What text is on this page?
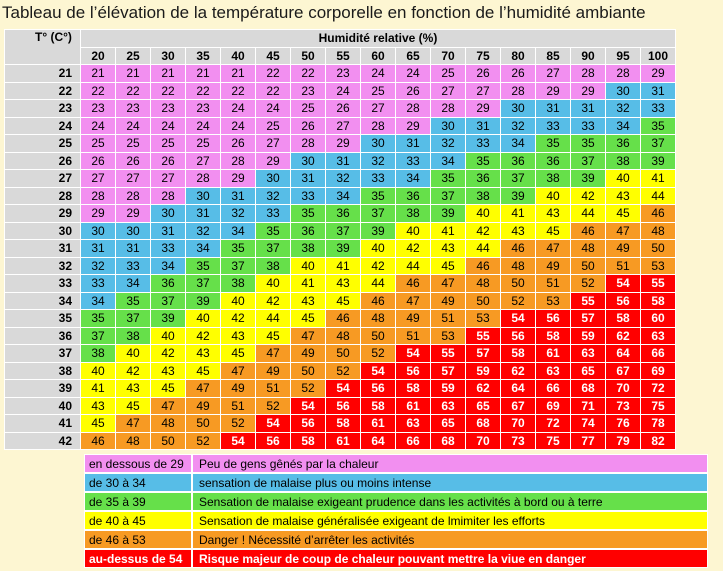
Tableau de l’élévation de la température corporelle en fonction de l’humidité ambiante
T° (C°)	Humidité relative (%)																
	20	25	30	35	40	45	50	55	60	65	70	75	80	85	90	95	100
21	21	21	21	21	21	22	22	23	24	24	25	26	26	27	28	28	29
22	22	22	22	22	22	22	23	24	25	26	27	27	28	29	29	30	31
23	23	23	23	23	24	24	25	26	27	28	28	29	30	31	31	32	33
24	24	24	24	24	24	25	26	27	28	29	30	31	32	33	33	34	35
25	25	25	25	25	26	27	28	29	30	31	32	33	34	35	35	36	37
26	26	26	26	27	28	29	30	31	32	33	34	35	36	36	37	38	39
27	27	27	27	28	29	30	31	32	33	34	35	36	37	38	39	40	41
28	28	28	28	30	31	32	33	34	35	36	37	38	39	40	42	43	44
29	29	29	30	31	32	33	35	36	37	38	39	40	41	43	44	45	46
30	30	30	31	32	34	35	36	37	39	40	41	42	43	45	46	47	48
31	31	31	33	34	35	37	38	39	40	42	43	44	46	47	48	49	50
32	32	33	34	35	37	38	40	41	42	44	45	46	48	49	50	51	53
33	33	34	36	37	38	40	41	43	44	46	47	48	50	51	52	54	55
34	34	35	37	39	40	42	43	45	46	47	49	50	52	53	55	56	58
35	35	37	39	40	42	44	45	46	48	49	51	53	54	56	57	58	60
36	37	38	40	42	43	45	47	48	50	51	53	55	56	58	59	62	63
37	38	40	42	43	45	47	49	50	52	54	55	57	58	61	63	64	66
38	40	42	43	45	47	49	50	52	54	56	57	59	62	63	65	67	69
39	41	43	45	47	49	51	52	54	56	58	59	62	64	66	68	70	72
40	43	45	47	49	51	52	54	56	58	61	63	65	67	69	71	73	75
41	45	47	48	50	52	54	56	58	61	63	65	68	70	72	74	76	78
42	46	48	50	52	54	56	58	61	64	66	68	70	73	75	77	79	82
en dessous de 29	Peu de gens gênés par la chaleur
de 30 à 34	sensation de malaise plus ou moins intense
de 35 à 39	Sensation de malaise exigeant prudence dans les activités à bord ou à terre
de 40 à 45	Sensation de malaise généralisée exigeant de lmimiter les efforts
de 46 à 53	Danger ! Nécessité d’arrêter les activités
au-dessus de 54	Risque majeur de coup de chaleur pouvant mettre la viue en danger
